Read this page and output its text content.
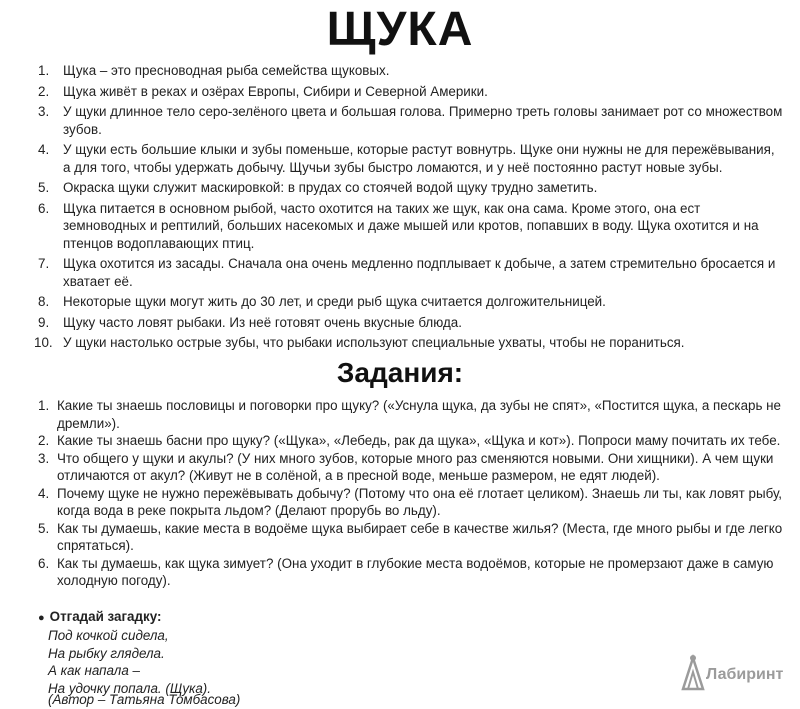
ЩУКА
1. Щука – это пресноводная рыба семейства щуковых.
2. Щука живёт в реках и озёрах Европы, Сибири и Северной Америки.
3. У щуки длинное тело серо-зелёного цвета и большая голова. Примерно треть головы занимает рот со множеством зубов.
4. У щуки есть большие клыки и зубы поменьше, которые растут вовнутрь. Щуке они нужны не для пережёвывания, а для того, чтобы удержать добычу. Щучьи зубы быстро ломаются, и у неё постоянно растут новые зубы.
5. Окраска щуки служит маскировкой: в прудах со стоячей водой щуку трудно заметить.
6. Щука питается в основном рыбой, часто охотится на таких же щук, как она сама. Кроме этого, она ест земноводных и рептилий, больших насекомых и даже мышей или кротов, попавших в воду. Щука охотится и на птенцов водоплавающих птиц.
7. Щука охотится из засады. Сначала она очень медленно подплывает к добыче, а затем стремительно бросается и хватает её.
8. Некоторые щуки могут жить до 30 лет, и среди рыб щука считается долгожительницей.
9. Щуку часто ловят рыбаки. Из неё готовят очень вкусные блюда.
10. У щуки настолько острые зубы, что рыбаки используют специальные ухваты, чтобы не пораниться.
Задания:
1. Какие ты знаешь пословицы и поговорки про щуку? («Уснула щука, да зубы не спят», «Постится щука, а пескарь не дремли»).
2. Какие ты знаешь басни про щуку? («Щука», «Лебедь, рак да щука», «Щука и кот»). Попроси маму почитать их тебе.
3. Что общего у щуки и акулы? (У них много зубов, которые много раз сменяются новыми. Они хищники). А чем щуки отличаются от акул? (Живут не в солёной, а в пресной воде, меньше размером, не едят людей).
4. Почему щуке не нужно пережёвывать добычу? (Потому что она её глотает целиком). Знаешь ли ты, как ловят рыбу, когда вода в реке покрыта льдом? (Делают прорубь во льду).
5. Как ты думаешь, какие места в водоёме щука выбирает себе в качестве жилья? (Места, где много рыбы и где легко спрятаться).
6. Как ты думаешь, как щука зимует? (Она уходит в глубокие места водоёмов, которые не промерзают даже в самую холодную погоду).
● Отгадай загадку:
Под кочкой сидела,
На рыбку глядела.
А как напала –
На удочку попала. (Щука).
(Автор – Татьяна Томбасова)
Лабиринт
